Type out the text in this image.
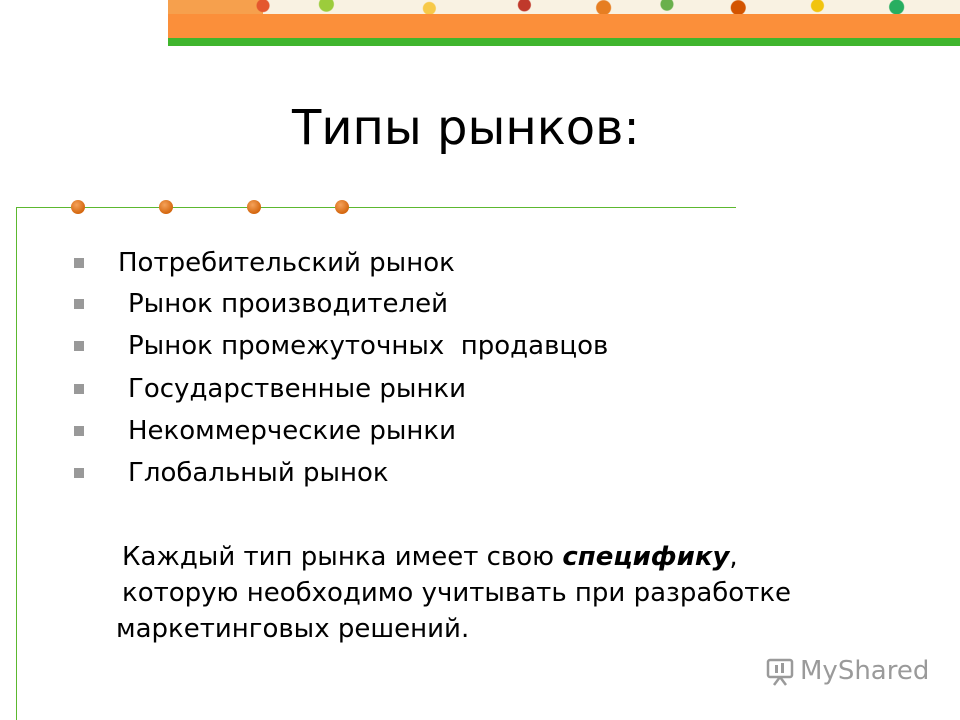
Типы рынков:
Потребительский рынок
Рынок производителей
Рынок промежуточных  продавцов
Государственные рынки
Некоммерческие рынки
Глобальный рынок
Каждый тип рынка имеет свою специфику,
которую необходимо учитывать при разработке
маркетинговых решений.
MyShared
